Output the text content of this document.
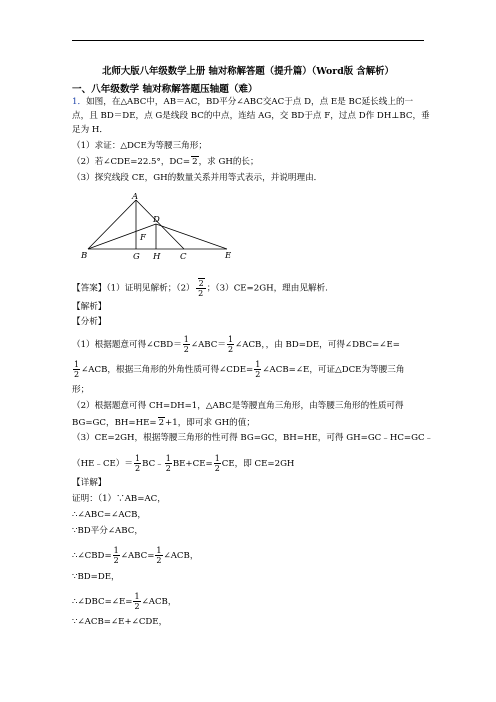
北师大版八年级数学上册 轴对称解答题（提升篇）（Word版 含解析）
一、八年级数学 轴对称解答题压轴题（难）
1．如图，在△ABC中，AB＝AC，BD平分∠ABC交AC于点 D，点 E是 BC延长线上的一
点，且 BD＝DE，点 G是线段 BC的中点，连结 AG，交 BD于点 F，过点 D作 DH⊥BC，垂
足为 H．
（1）求证：△DCE为等腰三角形；
（2）若∠CDE=22.5°，DC= 2，求 GH的长；
（3）探究线段 CE，GH的数量关系并用等式表示，并说明理由．
A
B	G H C	E
D
F
【答案】（1）证明见解析；$(2) \frac{2}{2}$ ；（3）CE=2GH，理由见解析.
【解析】
【分析】
（1）根据题意可得∠CBD＝ $\frac{1}{2}$ ∠ABC＝ $\frac{1}{2}$ ∠ACB，，由 BD=DE，可得∠DBC=∠E=
$\frac{1}{2}$ ∠ACB，根据三角形的外角性质可得∠CDE= $\frac{1}{2}$ ∠ACB=∠E，可证△DCE为等腰三角
形；
（2）根据题意可得 CH=DH=1，△ABC是等腰直角三角形，由等腰三角形的性质可得
BG=GC，BH=HE= 2+1，即可求 GH的值；
（3）CE=2GH，根据等腰三角形的性可得 BG=GC，BH=HE，可得 GH=GC﹣HC=GC﹣
（HE﹣CE）＝ $\frac{1}{2}$ BC﹣ $\frac{1}{2} BE+CE= \frac{1}{2}$ CE，即 CE=2GH
【详解】
证明：（1）∵AB=AC，
∴∠ABC=∠ACB，
∵BD平分∠ABC，
∴∠CBD= $\frac{1}{2}$ ∠ABC= $\frac{1}{2}$ ∠ACB，
∵BD=DE，
∴∠DBC=∠E= $\frac{1}{2}$ ∠ACB，
∵∠ACB=∠E+∠CDE，
